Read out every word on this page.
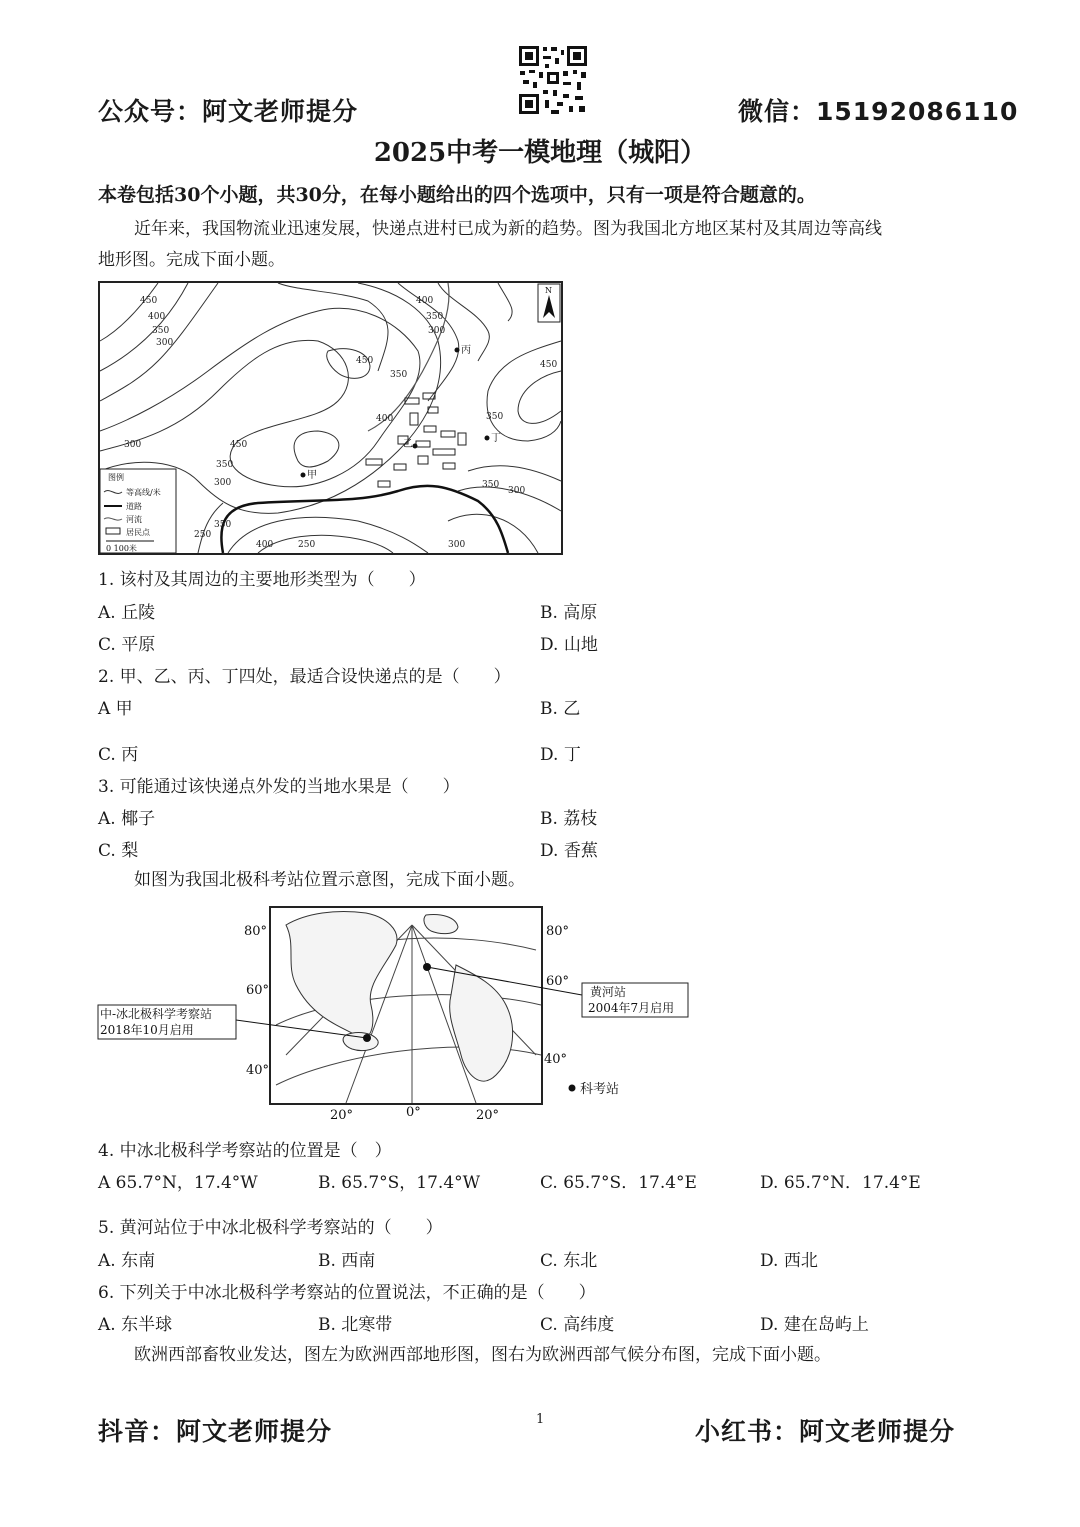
公众号：阿文老师提分	微信：15192086110
2025中考一模地理（城阳）
本卷包括30个小题，共30分，在每小题给出的四个选项中，只有一项是符合题意的。
近年来，我国物流业迅速发展，快递点进村已成为新的趋势。图为我国北方地区某村及其周边等高线
地形图。完成下面小题。
450
400
350
300
400
350
300
450
400
350
450
350
300	450
350
300
250
350
400
350
300
300
250
丙
丁
甲
乙
N
图例
等高线/米
道路
河流
居民点
0 100米
1. 该村及其周边的主要地形类型为（　　）
A. 丘陵	B. 高原
C. 平原	D. 山地
2. 甲、乙、丙、丁四处，最适合设快递点的是（　　）
A 甲	B. 乙
C. 丙	D. 丁
3. 可能通过该快递点外发的当地水果是（　　）
A. 椰子	B. 荔枝
C. 梨	D. 香蕉
如图为我国北极科考站位置示意图，完成下面小题。
80°
60°
40°
80°
60°
40°
20°	0°	20°
中-冰北极科学考察站
2018年10月启用
黄河站
2004年7月启用
科考站
4. 中冰北极科学考察站的位置是（　）
A 65.7°N，17.4°W	B. 65.7°S，17.4°W	C. 65.7°S．17.4°E	D. 65.7°N．17.4°E
5. 黄河站位于中冰北极科学考察站的（　　）
A. 东南	B. 西南	C. 东北	D. 西北
6. 下列关于中冰北极科学考察站的位置说法，不正确的是（　　）
A. 东半球	B. 北寒带	C. 高纬度	D. 建在岛屿上
欧洲西部畜牧业发达，图左为欧洲西部地形图，图右为欧洲西部气候分布图，完成下面小题。
抖音：阿文老师提分	1	小红书：阿文老师提分
